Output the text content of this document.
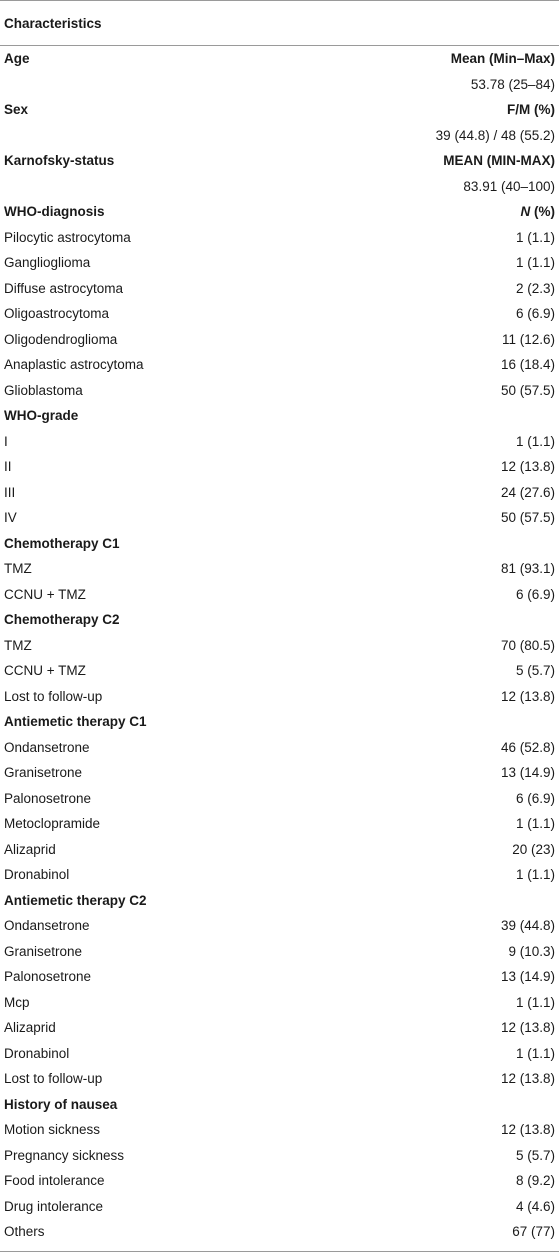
Characteristics
Age	Mean (Min–Max)
53.78 (25–84)
Sex	F/M (%)
39 (44.8) / 48 (55.2)
Karnofsky-status	MEAN (MIN-MAX)
83.91 (40–100)
WHO-diagnosis	N (%)
Pilocytic astrocytoma	1 (1.1)
Ganglioglioma	1 (1.1)
Diffuse astrocytoma	2 (2.3)
Oligoastrocytoma	6 (6.9)
Oligodendroglioma	11 (12.6)
Anaplastic astrocytoma	16 (18.4)
Glioblastoma	50 (57.5)
WHO-grade
I	1 (1.1)
II	12 (13.8)
III	24 (27.6)
IV	50 (57.5)
Chemotherapy C1
TMZ	81 (93.1)
CCNU + TMZ	6 (6.9)
Chemotherapy C2
TMZ	70 (80.5)
CCNU + TMZ	5 (5.7)
Lost to follow-up	12 (13.8)
Antiemetic therapy C1
Ondansetrone	46 (52.8)
Granisetrone	13 (14.9)
Palonosetrone	6 (6.9)
Metoclopramide	1 (1.1)
Alizaprid	20 (23)
Dronabinol	1 (1.1)
Antiemetic therapy C2
Ondansetrone	39 (44.8)
Granisetrone	9 (10.3)
Palonosetrone	13 (14.9)
Mcp	1 (1.1)
Alizaprid	12 (13.8)
Dronabinol	1 (1.1)
Lost to follow-up	12 (13.8)
History of nausea
Motion sickness	12 (13.8)
Pregnancy sickness	5 (5.7)
Food intolerance	8 (9.2)
Drug intolerance	4 (4.6)
Others	67 (77)
